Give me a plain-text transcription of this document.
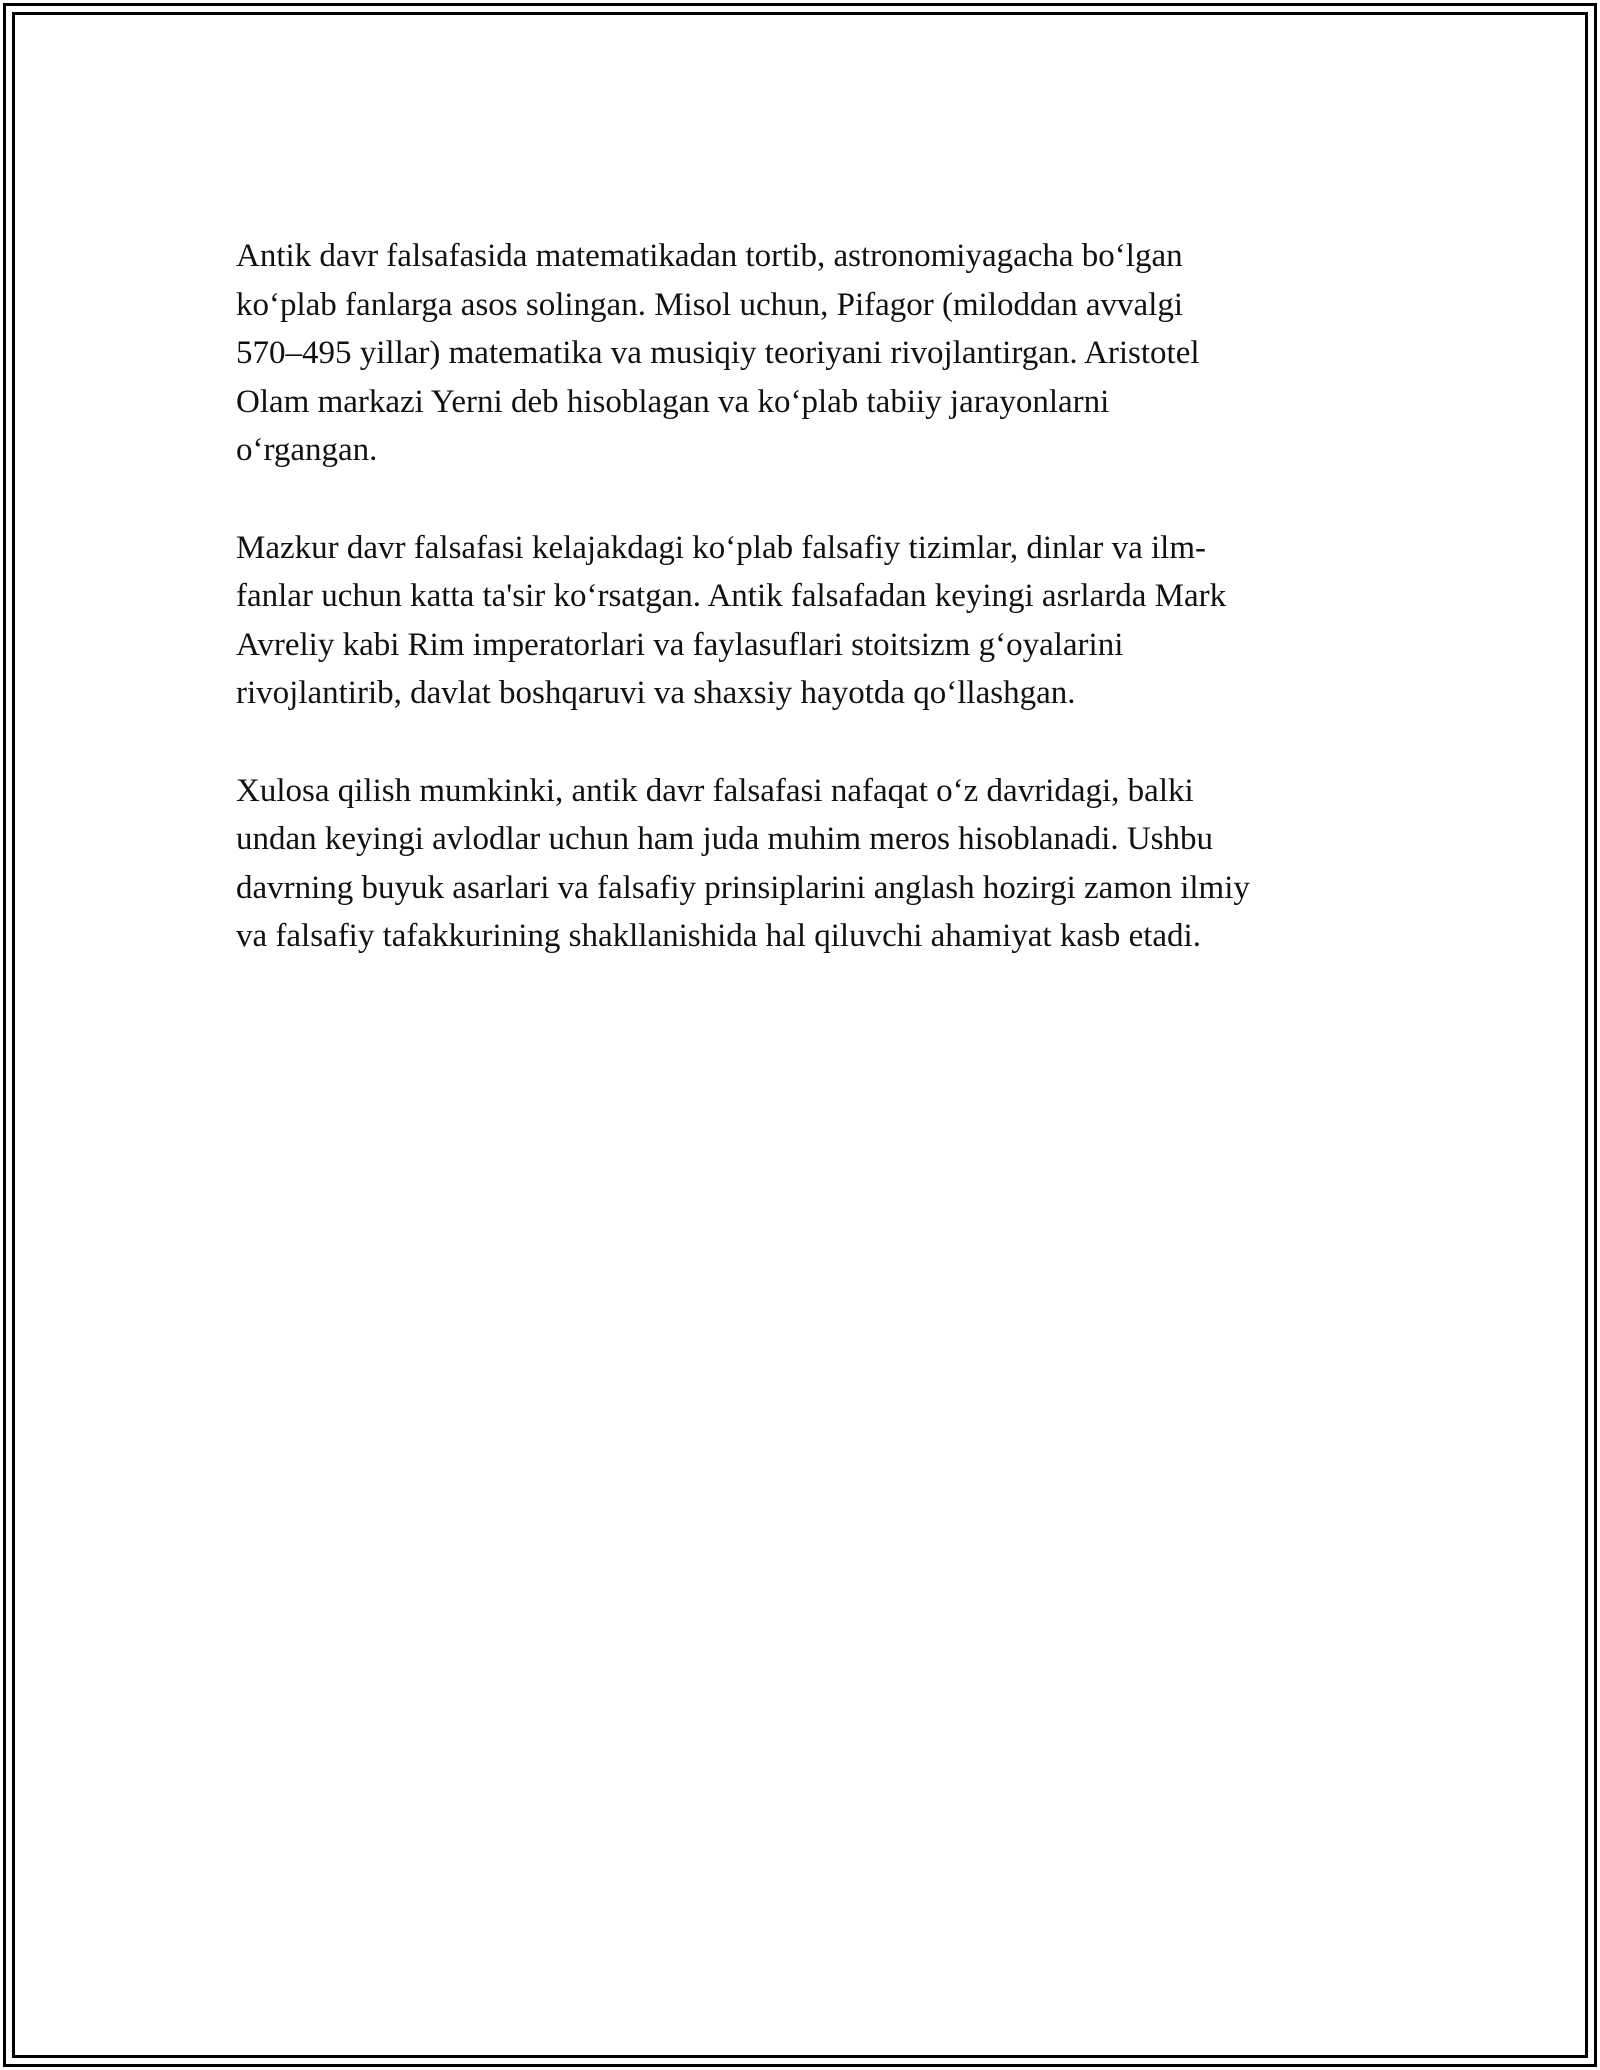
Antik davr falsafasida matematikadan tortib, astronomiyagacha bo‘lgan
ko‘plab fanlarga asos solingan. Misol uchun, Pifagor (miloddan avvalgi
570–495 yillar) matematika va musiqiy teoriyani rivojlantirgan. Aristotel
Olam markazi Yerni deb hisoblagan va ko‘plab tabiiy jarayonlarni
o‘rgangan.

Mazkur davr falsafasi kelajakdagi ko‘plab falsafiy tizimlar, dinlar va ilm-
fanlar uchun katta ta'sir ko‘rsatgan. Antik falsafadan keyingi asrlarda Mark
Avreliy kabi Rim imperatorlari va faylasuflari stoitsizm g‘oyalarini
rivojlantirib, davlat boshqaruvi va shaxsiy hayotda qo‘llashgan.

Xulosa qilish mumkinki, antik davr falsafasi nafaqat o‘z davridagi, balki
undan keyingi avlodlar uchun ham juda muhim meros hisoblanadi. Ushbu
davrning buyuk asarlari va falsafiy prinsiplarini anglash hozirgi zamon ilmiy
va falsafiy tafakkurining shakllanishida hal qiluvchi ahamiyat kasb etadi.
